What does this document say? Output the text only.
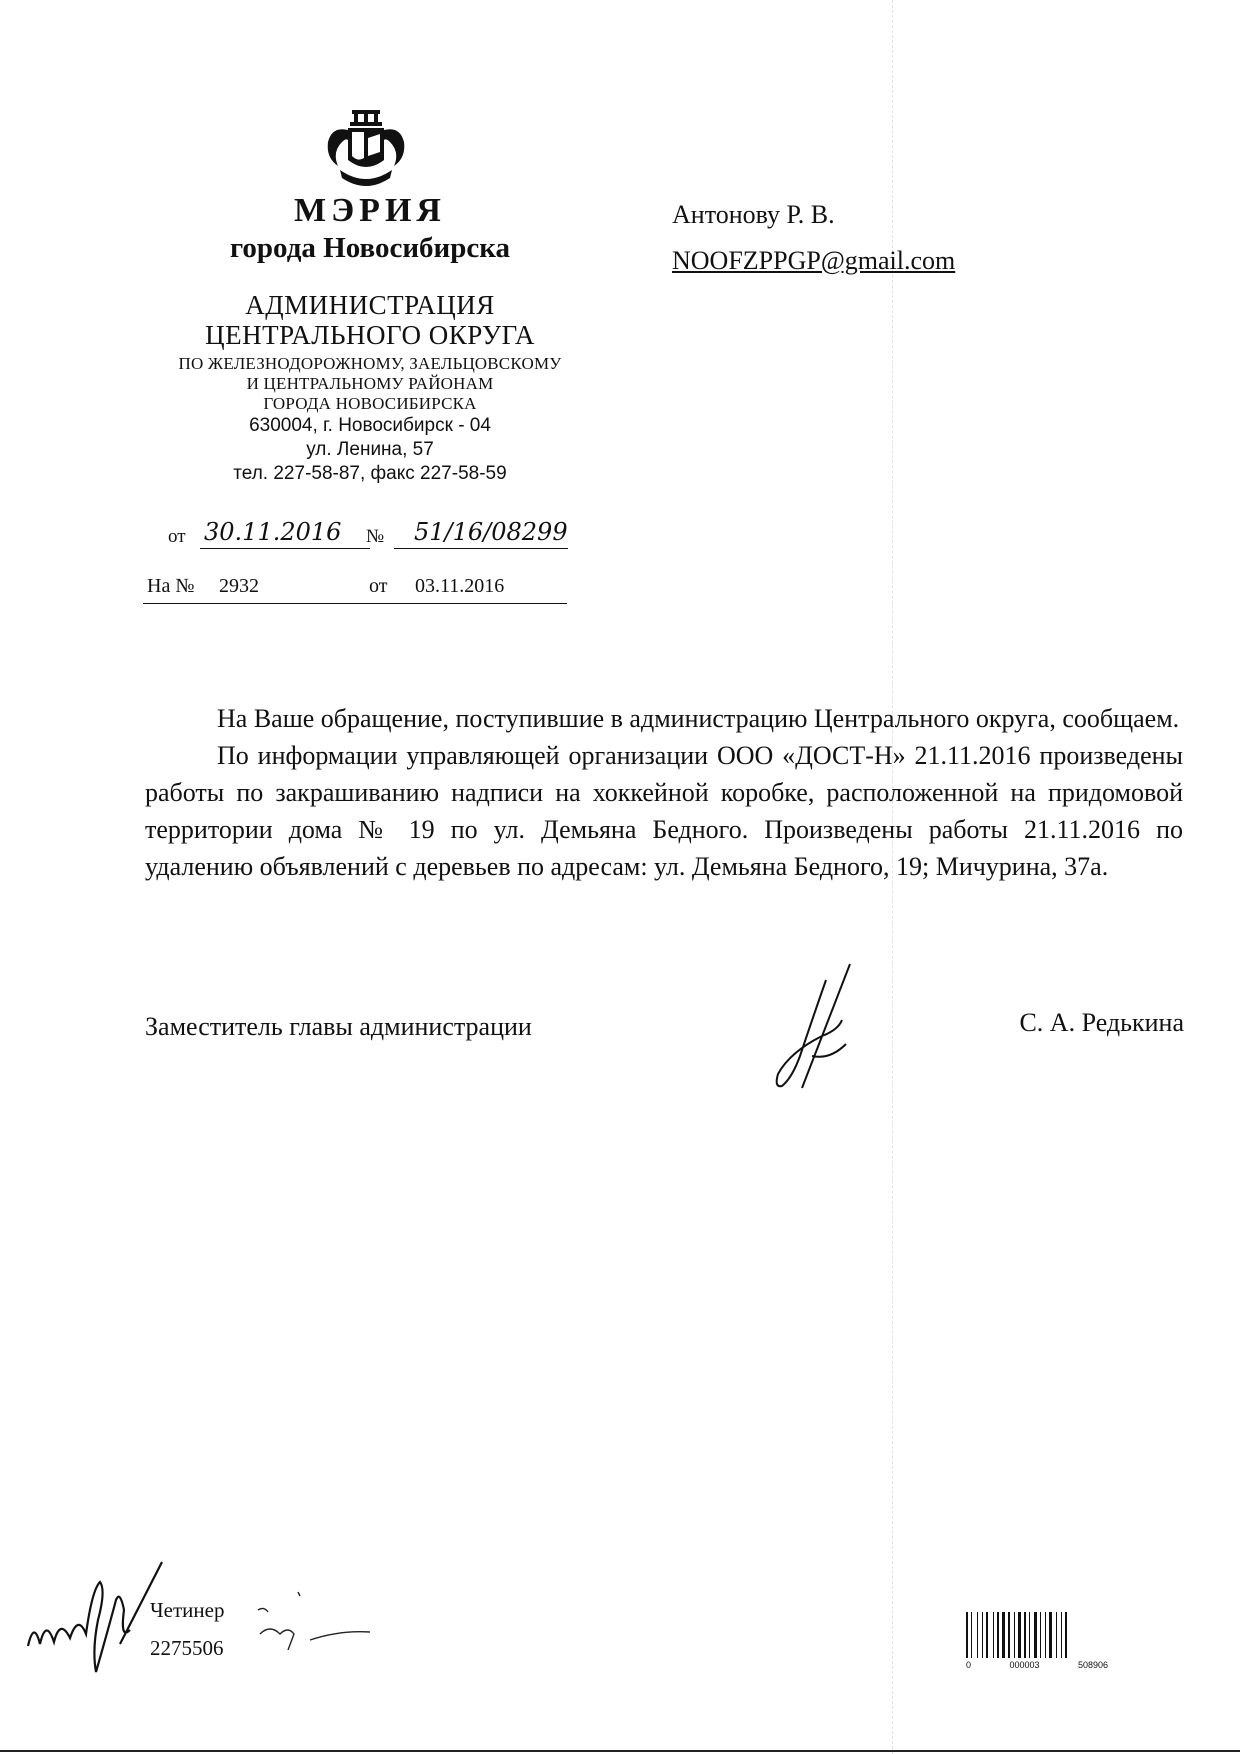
МЭРИЯ
города Новосибирска
АДМИНИСТРАЦИЯ
ЦЕНТРАЛЬНОГО ОКРУГА
ПО ЖЕЛЕЗНОДОРОЖНОМУ, ЗАЕЛЬЦОВСКОМУ
И ЦЕНТРАЛЬНОМУ РАЙОНАМ
ГОРОДА НОВОСИБИРСКА
630004, г. Новосибирск - 04
ул. Ленина, 57
тел. 227-58-87, факс 227-58-59
от 30.11.2016 № 51/16/08299
На № 2932	от 03.11.2016
Антонову Р. В.
NOOFZPPGP@gmail.com

На Ваше обращение, поступившие в администрацию Центрального округа, сообщаем.

По информации управляющей организации ООО «ДОСТ-Н» 21.11.2016 произведены работы по закрашиванию надписи на хоккейной коробке, расположенной на придомовой территории дома № 19 по ул. Демьяна Бедного. Произведены работы 21.11.2016 по удалению объявлений с деревьев по адресам: ул. Демьяна Бедного, 19; Мичурина, 37а.

Заместитель главы администрации	С. А. Редькина
Четинер
2275506
0	000003	508906
